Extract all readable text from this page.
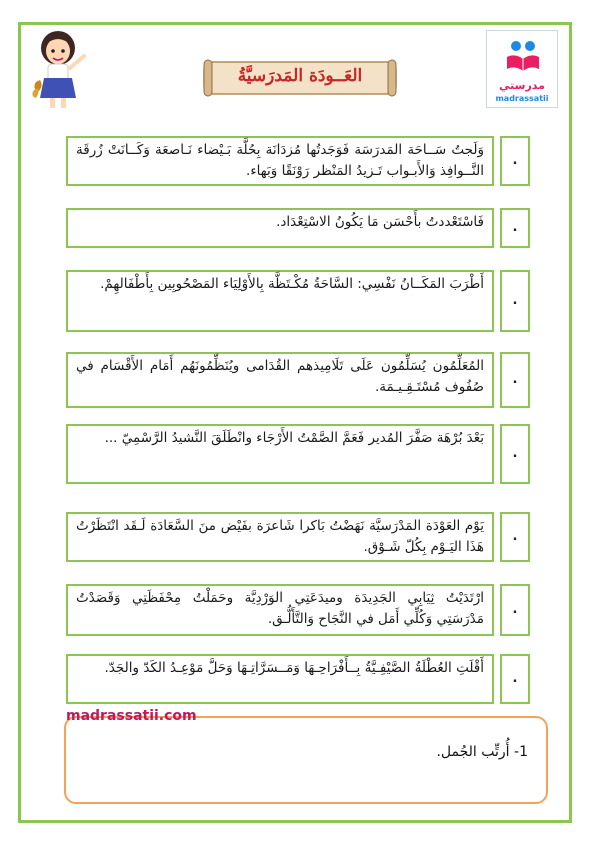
مدرستي
madrassatii
العَــودَة المَدرَسيَّةُ
وَلَجتُ سَــاحَة المَدرَسَة فَوَجَدتُها مُزدَانَة بِحُلَّة بَـيْضاء نَـاصعَة وَكَــانَتْ زُرقَة النَّــوافِذ وَالأَبـواب تَـزيدُ المَنْظر رَوْنَقًا وَبَهاء.
.
فَاسْتَعْددتُ بأَحْسَن مَا يَكُونُ الاسْتِعْدَاد.	.
أَطْرَبَ المَكَــانُ نَفْسِي: السَّاحَةُ مُكْـتَظَّة بِالأَوْلِيَاء المَصْحُوبِين بِأَطْفَالهِمْ.
.
المُعَلِّمُون يُسَلِّمُون عَلَى تَلَامِيذهم القُدَامى ويُنَظِّمُونَهُم أَمَام الأَقْسَام في صُفُوف مُسْتَـقِـيـمَة.	.
بَعْدَ بُرْهَة صَفَّرَ المُدير فَعَمَّ الصَّمْتُ الأَرْجَاء وانْطَلَقَ النَّشيدُ الرَّسْمِيّ ...
.
يَوْم العَوْدَة المَدْرَسيَّة نَهَضْتُ بَاكرا شَاعرَة بفَيْض منَ السَّعَادَة لَـقَد انْتَظَرْتُ هَذَا اليَـوْم بِكُلّ شَـوْق.
.
ارْتَدَيْتُ ثِيَابِي الجَدِيدَة وميدَعَتِي الوَرْدِيَّة وحَمَلْتُ مِحْفَظَتِي وَقَصَدْتُ مَدْرَسَتِي وَكُلِّي أَمَل في النَّجَاح وَالتَّأَلُّـق.
.
أَقْلَتِ العُطْلَةُ الصَّيْفِـيَّةُ بِــأَفْرَاحِـهَا وَمَــسَرَّاتِـهَا وَحَلَّ مَوْعِـدُ الكَدّ والجَدّ.
.
1- أُرتِّب الجُمل.
madrassatii.com
